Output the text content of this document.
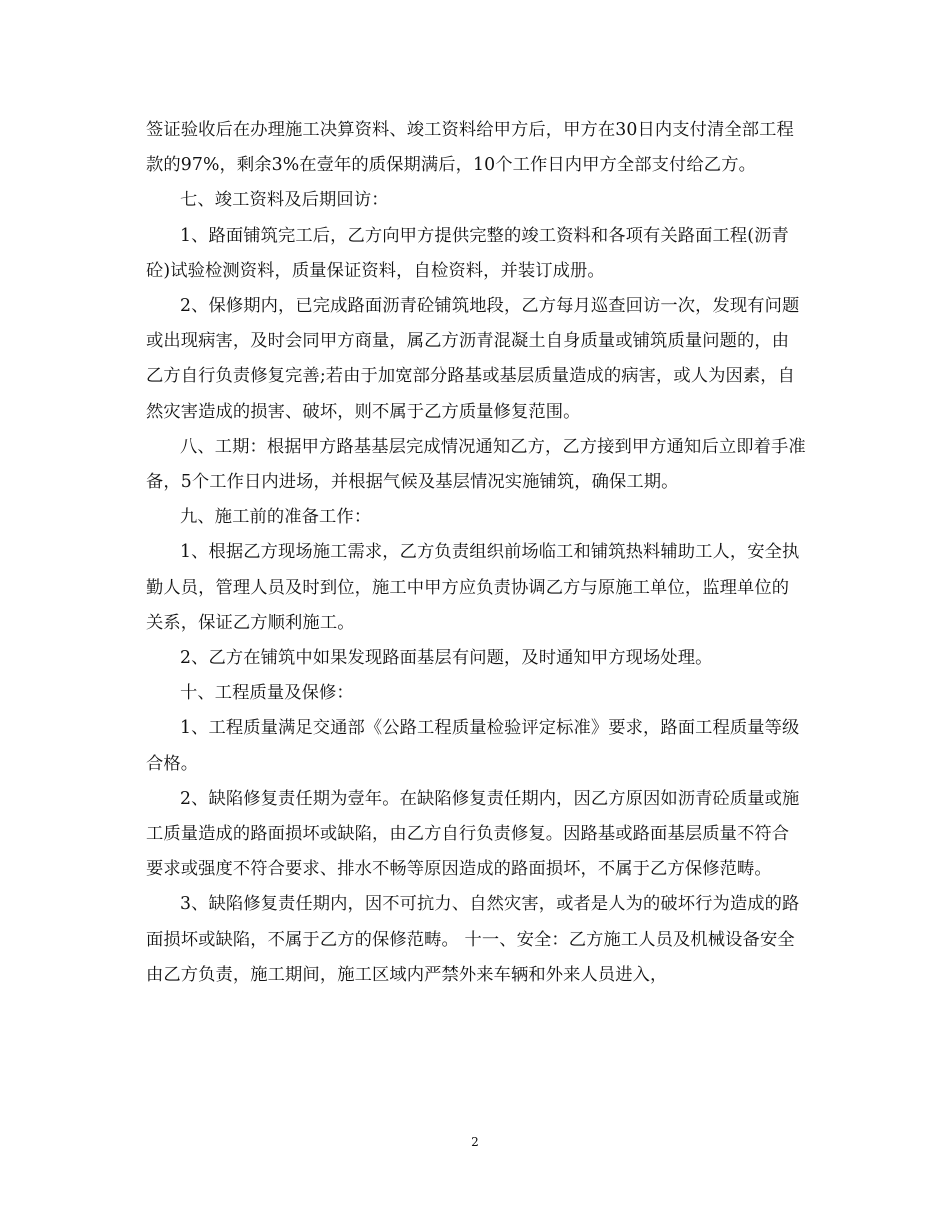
签证验收后在办理施工决算资料、竣工资料给甲方后，甲方在30日内支付清全部工程款的97%，剩余3%在壹年的质保期满后，10个工作日内甲方全部支付给乙方。

七、竣工资料及后期回访：

1、路面铺筑完工后，乙方向甲方提供完整的竣工资料和各项有关路面工程(沥青砼)试验检测资料，质量保证资料，自检资料，并装订成册。

2、保修期内，已完成路面沥青砼铺筑地段，乙方每月巡查回访一次，发现有问题或出现病害，及时会同甲方商量，属乙方沥青混凝土自身质量或铺筑质量问题的，由乙方自行负责修复完善;若由于加宽部分路基或基层质量造成的病害，或人为因素，自然灾害造成的损害、破坏，则不属于乙方质量修复范围。

八、工期：根据甲方路基基层完成情况通知乙方，乙方接到甲方通知后立即着手准备，5个工作日内进场，并根据气候及基层情况实施铺筑，确保工期。

九、施工前的准备工作：

1、根据乙方现场施工需求，乙方负责组织前场临工和铺筑热料辅助工人，安全执勤人员，管理人员及时到位，施工中甲方应负责协调乙方与原施工单位，监理单位的关系，保证乙方顺利施工。

2、乙方在铺筑中如果发现路面基层有问题，及时通知甲方现场处理。

十、工程质量及保修：

1、工程质量满足交通部《公路工程质量检验评定标准》要求，路面工程质量等级合格。

2、缺陷修复责任期为壹年。在缺陷修复责任期内，因乙方原因如沥青砼质量或施工质量造成的路面损坏或缺陷，由乙方自行负责修复。因路基或路面基层质量不符合要求或强度不符合要求、排水不畅等原因造成的路面损坏，不属于乙方保修范畴。

3、缺陷修复责任期内，因不可抗力、自然灾害，或者是人为的破坏行为造成的路面损坏或缺陷，不属于乙方的保修范畴。 十一、安全：乙方施工人员及机械设备安全由乙方负责，施工期间，施工区域内严禁外来车辆和外来人员进入，

2
